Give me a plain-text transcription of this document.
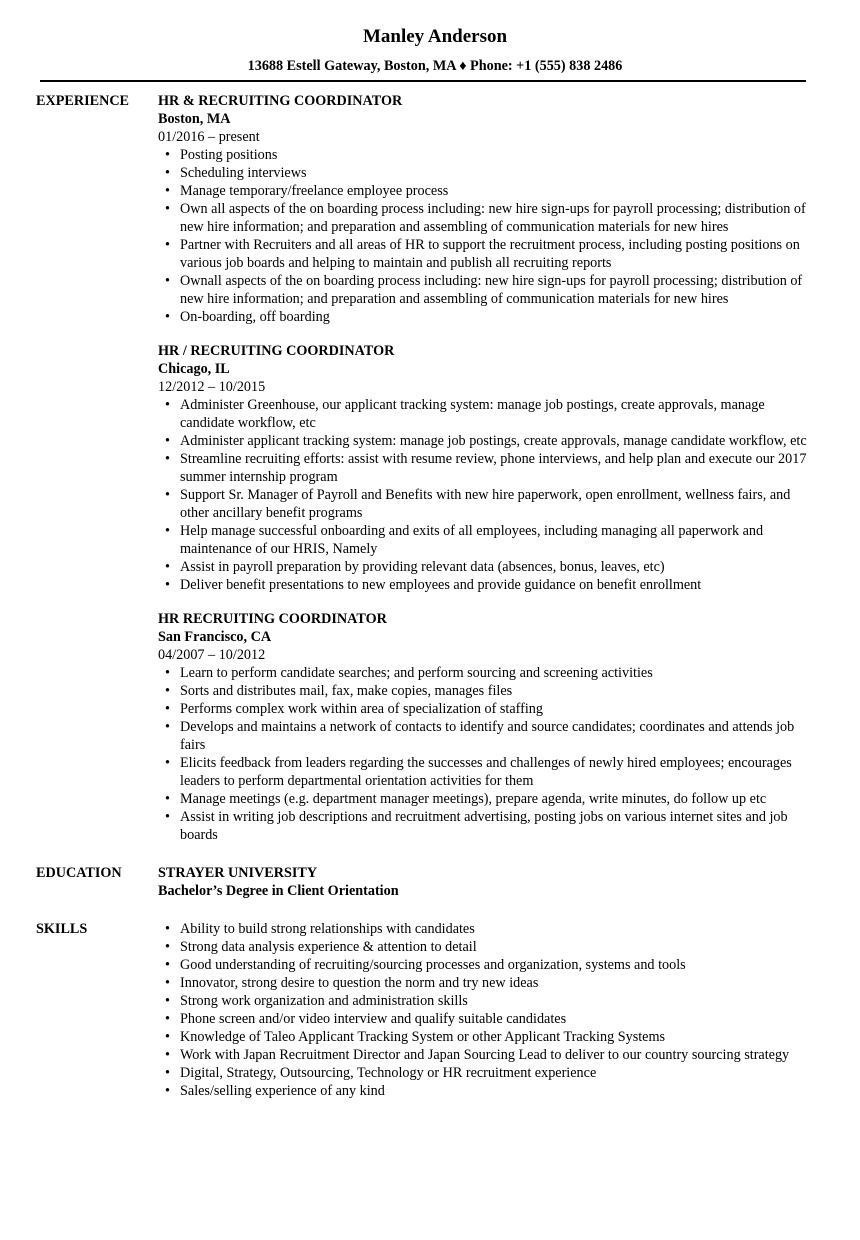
Manley Anderson
13688 Estell Gateway, Boston, MA ♦ Phone: +1 (555) 838 2486
EXPERIENCE	HR & RECRUITING COORDINATOR
Boston, MA
01/2016 – present
• Posting positions
• Scheduling interviews
• Manage temporary/freelance employee process
• Own all aspects of the on boarding process including: new hire sign-ups for payroll processing; distribution of new hire information; and preparation and assembling of communication materials for new hires
• Partner with Recruiters and all areas of HR to support the recruitment process, including posting positions on various job boards and helping to maintain and publish all recruiting reports
• Ownall aspects of the on boarding process including: new hire sign-ups for payroll processing; distribution of new hire information; and preparation and assembling of communication materials for new hires
• On-boarding, off boarding
HR / RECRUITING COORDINATOR
Chicago, IL
12/2012 – 10/2015
• Administer Greenhouse, our applicant tracking system: manage job postings, create approvals, manage candidate workflow, etc
• Administer applicant tracking system: manage job postings, create approvals, manage candidate workflow, etc
• Streamline recruiting efforts: assist with resume review, phone interviews, and help plan and execute our 2017 summer internship program
• Support Sr. Manager of Payroll and Benefits with new hire paperwork, open enrollment, wellness fairs, and other ancillary benefit programs
• Help manage successful onboarding and exits of all employees, including managing all paperwork and maintenance of our HRIS, Namely
• Assist in payroll preparation by providing relevant data (absences, bonus, leaves, etc)
• Deliver benefit presentations to new employees and provide guidance on benefit enrollment
HR RECRUITING COORDINATOR
San Francisco, CA
04/2007 – 10/2012
• Learn to perform candidate searches; and perform sourcing and screening activities
• Sorts and distributes mail, fax, make copies, manages files
• Performs complex work within area of specialization of staffing
• Develops and maintains a network of contacts to identify and source candidates; coordinates and attends job fairs
• Elicits feedback from leaders regarding the successes and challenges of newly hired employees; encourages leaders to perform departmental orientation activities for them
• Manage meetings (e.g. department manager meetings), prepare agenda, write minutes, do follow up etc
• Assist in writing job descriptions and recruitment advertising, posting jobs on various internet sites and job boards
EDUCATION	STRAYER UNIVERSITY
Bachelor’s Degree in Client Orientation
SKILLS
•	Ability to build strong relationships with candidates
• Strong data analysis experience & attention to detail
• Good understanding of recruiting/sourcing processes and organization, systems and tools
• Innovator, strong desire to question the norm and try new ideas
• Strong work organization and administration skills
• Phone screen and/or video interview and qualify suitable candidates
• Knowledge of Taleo Applicant Tracking System or other Applicant Tracking Systems
• Work with Japan Recruitment Director and Japan Sourcing Lead to deliver to our country sourcing strategy
• Digital, Strategy, Outsourcing, Technology or HR recruitment experience
• Sales/selling experience of any kind
